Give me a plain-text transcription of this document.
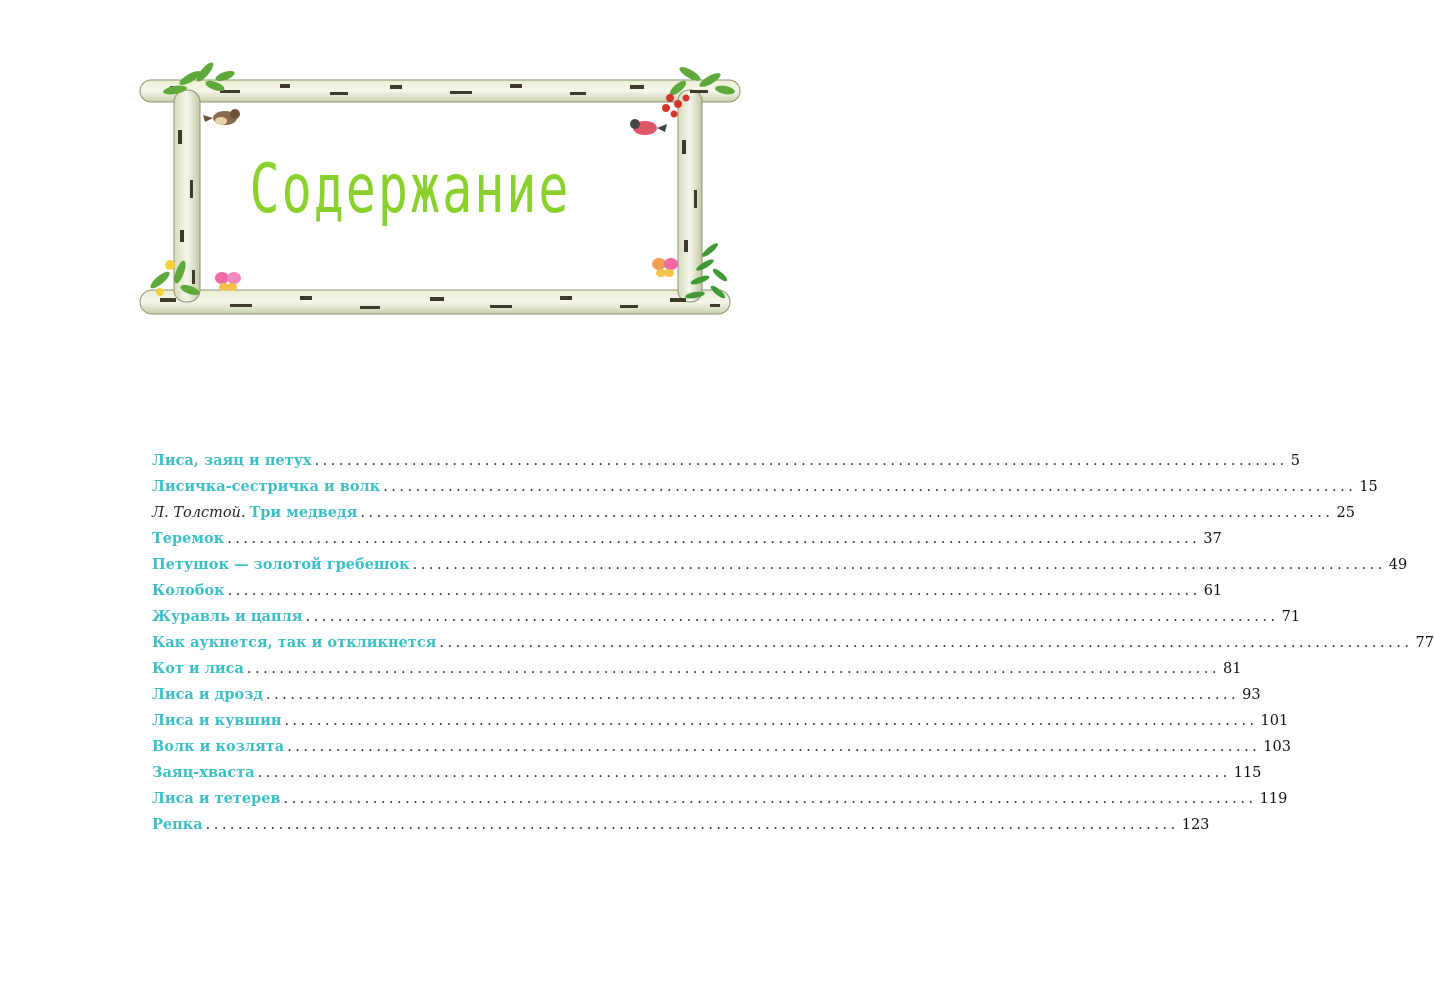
Содержание
Лиса, заяц и петух ........................................................................................................................ 5
Лисичка-сестричка и волк ........................................................................................................................ 15
Л. Толстой. Три медведя ........................................................................................................................ 25
Теремок ........................................................................................................................ 37
Петушок — золотой гребешок ........................................................................................................................ 49
Колобок ........................................................................................................................ 61
Журавль и цапля ........................................................................................................................ 71
Как аукнется, так и откликнется ........................................................................................................................ 77
Кот и лиса ........................................................................................................................ 81
Лиса и дрозд ........................................................................................................................ 93
Лиса и кувшин ........................................................................................................................ 101
Волк и козлята ........................................................................................................................ 103
Заяц-хваста ........................................................................................................................ 115
Лиса и тетерев ........................................................................................................................ 119
Репка ........................................................................................................................ 123
